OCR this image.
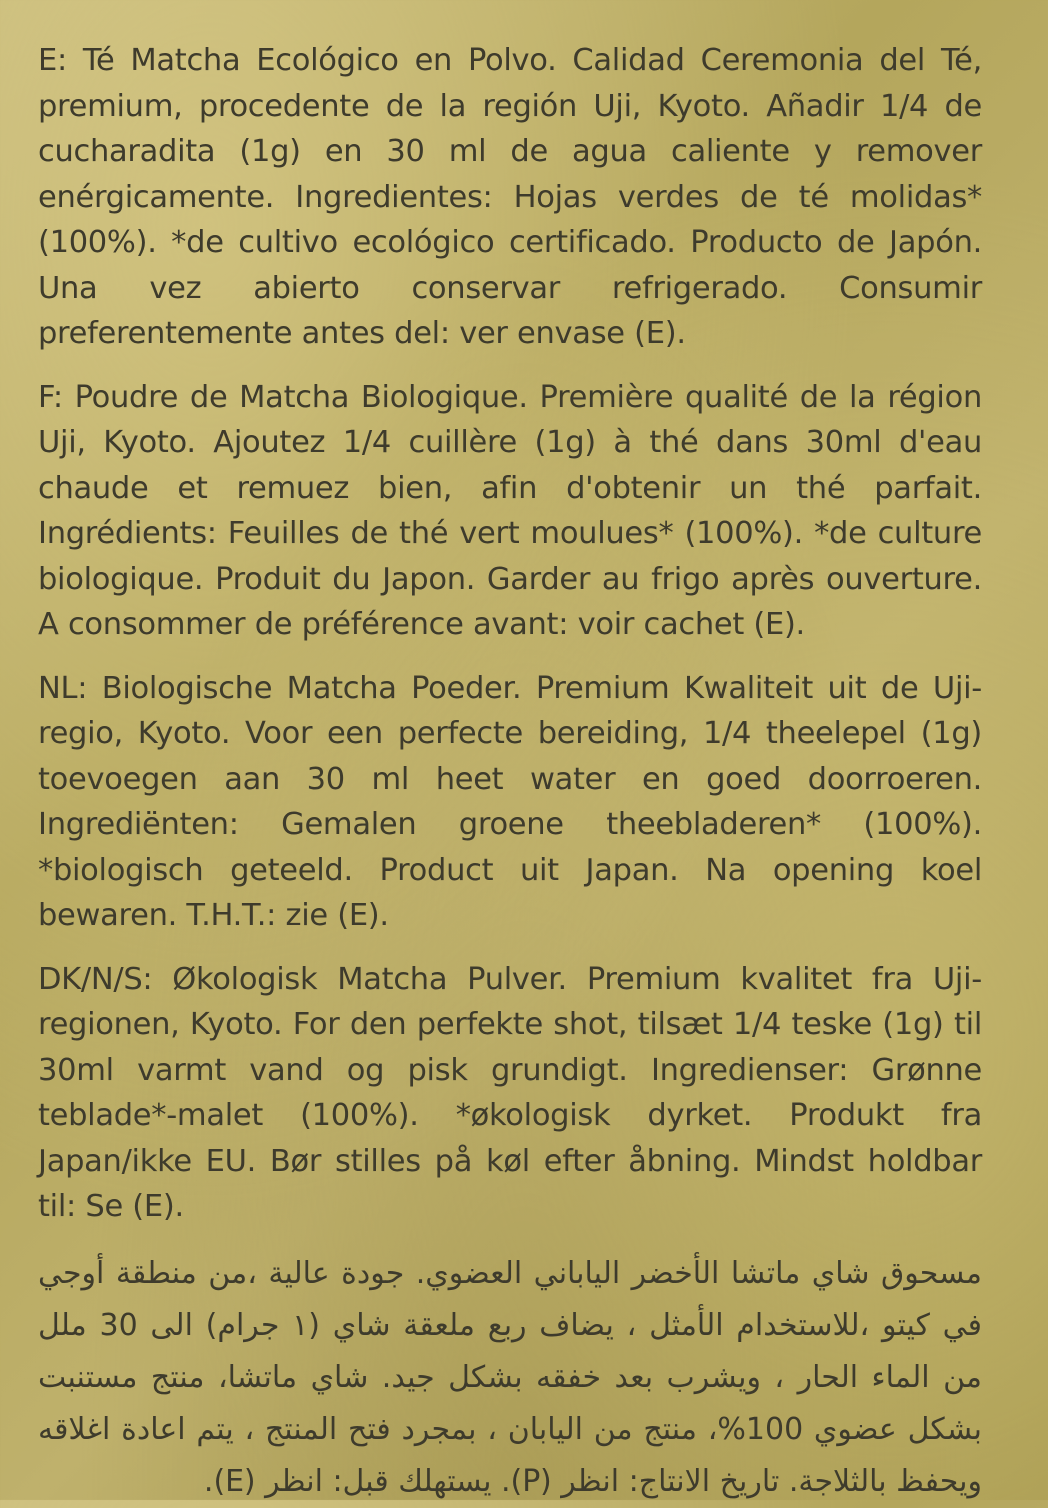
E: Té Matcha Ecológico en Polvo. Calidad Ceremonia del Té, premium, procedente de la región Uji, Kyoto. Añadir 1/4 de cucharadita (1g) en 30 ml de agua caliente y remover enérgicamente. Ingredientes: Hojas verdes de té molidas* (100%). *de cultivo ecológico certificado. Producto de Japón. Una vez abierto conservar refrigerado. Consumir preferentemente antes del: ver envase (E).

F: Poudre de Matcha Biologique. Première qualité de la région Uji, Kyoto. Ajoutez 1/4 cuillère (1g) à thé dans 30ml d'eau chaude et remuez bien, afin d'obtenir un thé parfait. Ingrédients: Feuilles de thé vert moulues* (100%). *de culture biologique. Produit du Japon. Garder au frigo après ouverture. A consommer de préférence avant: voir cachet (E).

NL: Biologische Matcha Poeder. Premium Kwaliteit uit de Uji-regio, Kyoto. Voor een perfecte bereiding, 1/4 theelepel (1g) toevoegen aan 30 ml heet water en goed doorroeren. Ingrediënten: Gemalen groene theebladeren* (100%). *biologisch geteeld. Product uit Japan. Na opening koel bewaren. T.H.T.: zie (E).

DK/N/S: Økologisk Matcha Pulver. Premium kvalitet fra Uji-regionen, Kyoto. For den perfekte shot, tilsæt 1/4 teske (1g) til 30ml varmt vand og pisk grundigt. Ingredienser: Grønne teblade*-malet (100%). *økologisk dyrket. Produkt fra Japan/ikke EU. Bør stilles på køl efter åbning. Mindst holdbar til: Se (E).

مسحوق شاي ماتشا الأخضر الياباني العضوي. جودة عالية ،من منطقة أوجي في كيتو ،للاستخدام الأمثل ، يضاف ربع ملعقة شاي (١ جرام) الى 30 ملل من الماء الحار ، ويشرب بعد خفقه بشكل جيد. شاي ماتشا، منتج مستنبت بشكل عضوي 100%، منتج من اليابان ، بمجرد فتح المنتج ، يتم اعادة اغلاقه ويحفظ بالثلاجة. تاريخ الانتاج: انظر (P). يستهلك قبل: انظر (E).
